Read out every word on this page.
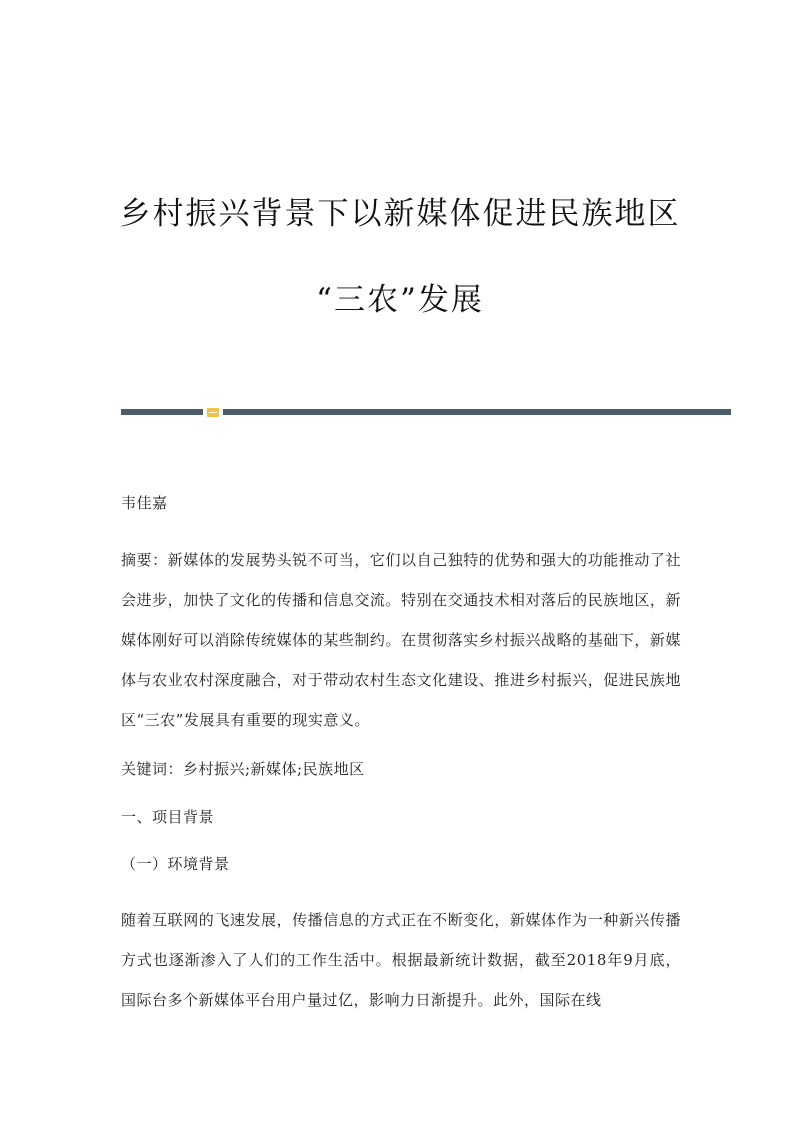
乡村振兴背景下以新媒体促进民族地区
“三农”发展
韦佳嘉
摘要：新媒体的发展势头锐不可当，它们以自己独特的优势和强大的功能推动了社会进步，加快了文化的传播和信息交流。特别在交通技术相对落后的民族地区，新媒体刚好可以消除传统媒体的某些制约。在贯彻落实乡村振兴战略的基础下，新媒体与农业农村深度融合，对于带动农村生态文化建设、推进乡村振兴，促进民族地区“三农”发展具有重要的现实意义。
关键词：乡村振兴;新媒体;民族地区
一、项目背景
（一）环境背景
随着互联网的飞速发展，传播信息的方式正在不断变化，新媒体作为一种新兴传播方式也逐渐渗入了人们的工作生活中。根据最新统计数据，截至2018年9月底，国际台多个新媒体平台用户量过亿，影响力日渐提升。此外，国际在线
